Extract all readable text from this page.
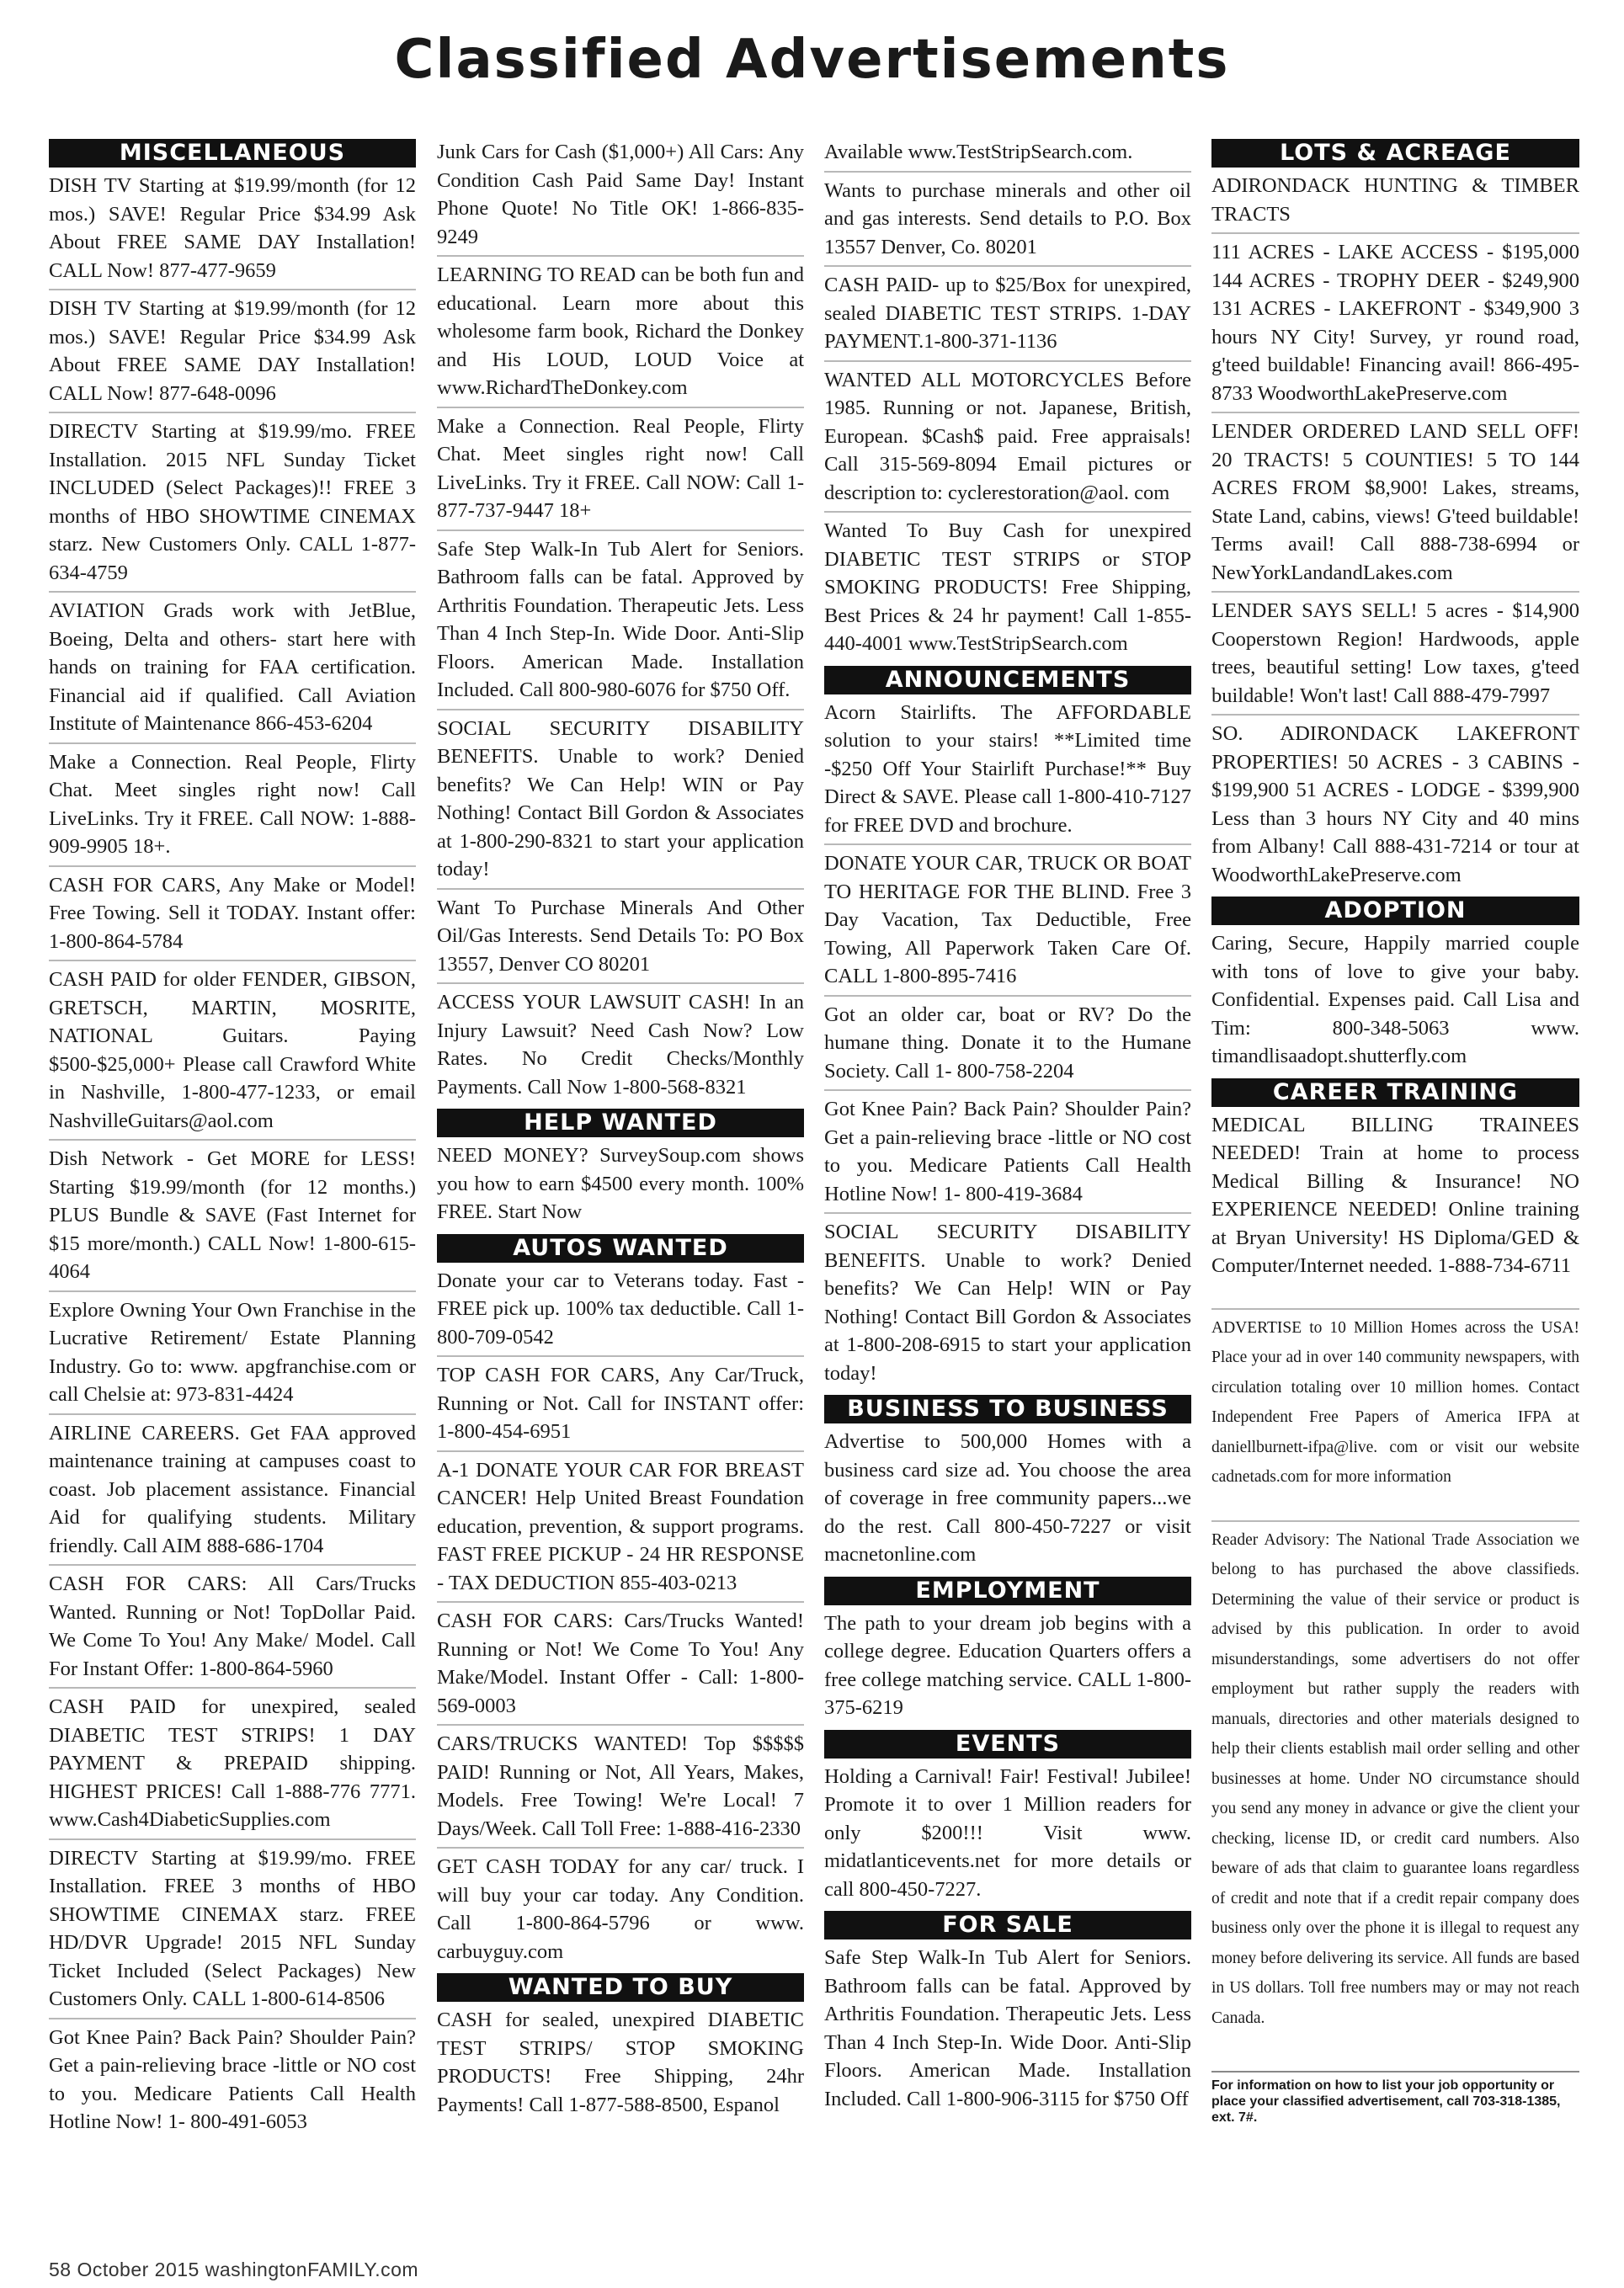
Classified Advertisements
MISCELLANEOUS
DISH TV Starting at $19.99/month (for 12 mos.) SAVE! Regular Price $34.99 Ask About FREE SAME DAY Installation! CALL Now! 877-477-9659
DISH TV Starting at $19.99/month (for 12 mos.) SAVE! Regular Price $34.99 Ask About FREE SAME DAY Installation! CALL Now! 877-648-0096
DIRECTV Starting at $19.99/mo. FREE Installation. 2015 NFL Sunday Ticket INCLUDED (Select Packages)!! FREE 3 months of HBO SHOWTIME CINEMAX starz. New Customers Only. CALL 1-877-634-4759
AVIATION Grads work with JetBlue, Boeing, Delta and others- start here with hands on training for FAA certification. Financial aid if qualified. Call Aviation Institute of Maintenance 866-453-6204
Make a Connection. Real People, Flirty Chat. Meet singles right now! Call LiveLinks. Try it FREE. Call NOW: 1-888-909-9905 18+.
CASH FOR CARS, Any Make or Model! Free Towing. Sell it TODAY. Instant offer: 1-800-864-5784
CASH PAID for older FENDER, GIBSON, GRETSCH, MARTIN, MOSRITE, NATIONAL Guitars. Paying $500-$25,000+ Please call Crawford White in Nashville, 1-800-477-1233, or email NashvilleGuitars@aol.com
Dish Network - Get MORE for LESS! Starting $19.99/month (for 12 months.) PLUS Bundle & SAVE (Fast Internet for $15 more/month.) CALL Now! 1-800-615-4064
Explore Owning Your Own Franchise in the Lucrative Retirement/ Estate Planning Industry. Go to: www. apgfranchise.com or call Chelsie at: 973-831-4424
AIRLINE CAREERS. Get FAA approved maintenance training at campuses coast to coast. Job placement assistance. Financial Aid for qualifying students. Military friendly. Call AIM 888-686-1704
CASH FOR CARS: All Cars/Trucks Wanted. Running or Not! TopDollar Paid. We Come To You! Any Make/ Model. Call For Instant Offer: 1-800-864-5960
CASH PAID for unexpired, sealed DIABETIC TEST STRIPS! 1 DAY PAYMENT & PREPAID shipping. HIGHEST PRICES! Call 1-888-776 7771. www.Cash4DiabeticSupplies.com
DIRECTV Starting at $19.99/mo. FREE Installation. FREE 3 months of HBO SHOWTIME CINEMAX starz. FREE HD/DVR Upgrade! 2015 NFL Sunday Ticket Included (Select Packages) New Customers Only. CALL 1-800-614-8506
Got Knee Pain? Back Pain? Shoulder Pain? Get a pain-relieving brace -little or NO cost to you. Medicare Patients Call Health Hotline Now! 1- 800-491-6053
Junk Cars for Cash ($1,000+) All Cars: Any Condition Cash Paid Same Day! Instant Phone Quote! No Title OK! 1-866-835-9249
LEARNING TO READ can be both fun and educational. Learn more about this wholesome farm book, Richard the Donkey and His LOUD, LOUD Voice at www.RichardTheDonkey.com
Make a Connection. Real People, Flirty Chat. Meet singles right now! Call LiveLinks. Try it FREE. Call NOW: Call 1-877-737-9447 18+
Safe Step Walk-In Tub Alert for Seniors. Bathroom falls can be fatal. Approved by Arthritis Foundation. Therapeutic Jets. Less Than 4 Inch Step-In. Wide Door. Anti-Slip Floors. American Made. Installation Included. Call 800-980-6076 for $750 Off.
SOCIAL SECURITY DISABILITY BENEFITS. Unable to work? Denied benefits? We Can Help! WIN or Pay Nothing! Contact Bill Gordon & Associates at 1-800-290-8321 to start your application today!
Want To Purchase Minerals And Other Oil/Gas Interests. Send Details To: PO Box 13557, Denver CO 80201
ACCESS YOUR LAWSUIT CASH! In an Injury Lawsuit? Need Cash Now? Low Rates. No Credit Checks/Monthly Payments. Call Now 1-800-568-8321
HELP WANTED
NEED MONEY? SurveySoup.com shows you how to earn $4500 every month. 100% FREE. Start Now
AUTOS WANTED
Donate your car to Veterans today. Fast - FREE pick up. 100% tax deductible. Call 1-800-709-0542
TOP CASH FOR CARS, Any Car/Truck, Running or Not. Call for INSTANT offer: 1-800-454-6951
A-1 DONATE YOUR CAR FOR BREAST CANCER! Help United Breast Foundation education, prevention, & support programs. FAST FREE PICKUP - 24 HR RESPONSE - TAX DEDUCTION 855-403-0213
CASH FOR CARS: Cars/Trucks Wanted! Running or Not! We Come To You! Any Make/Model. Instant Offer - Call: 1-800-569-0003
CARS/TRUCKS WANTED! Top $$$$$ PAID! Running or Not, All Years, Makes, Models. Free Towing! We're Local! 7 Days/Week. Call Toll Free: 1-888-416-2330
GET CASH TODAY for any car/ truck. I will buy your car today. Any Condition. Call 1-800-864-5796 or www. carbuyguy.com
WANTED TO BUY
CASH for sealed, unexpired DIABETIC TEST STRIPS/ STOP SMOKING PRODUCTS! Free Shipping, 24hr Payments! Call 1-877-588-8500, Espanol
Available www.TestStripSearch.com.
Wants to purchase minerals and other oil and gas interests. Send details to P.O. Box 13557 Denver, Co. 80201
CASH PAID- up to $25/Box for unexpired, sealed DIABETIC TEST STRIPS. 1-DAY PAYMENT.1-800-371-1136
WANTED ALL MOTORCYCLES Before 1985. Running or not. Japanese, British, European. $Cash$ paid. Free appraisals! Call 315-569-8094 Email pictures or description to: cyclerestoration@aol. com
Wanted To Buy Cash for unexpired DIABETIC TEST STRIPS or STOP SMOKING PRODUCTS! Free Shipping, Best Prices & 24 hr payment! Call 1-855-440-4001 www.TestStripSearch.com
ANNOUNCEMENTS
Acorn Stairlifts. The AFFORDABLE solution to your stairs! **Limited time -$250 Off Your Stairlift Purchase!** Buy Direct & SAVE. Please call 1-800-410-7127 for FREE DVD and brochure.
DONATE YOUR CAR, TRUCK OR BOAT TO HERITAGE FOR THE BLIND. Free 3 Day Vacation, Tax Deductible, Free Towing, All Paperwork Taken Care Of. CALL 1-800-895-7416
Got an older car, boat or RV? Do the humane thing. Donate it to the Humane Society. Call 1- 800-758-2204
Got Knee Pain? Back Pain? Shoulder Pain? Get a pain-relieving brace -little or NO cost to you. Medicare Patients Call Health Hotline Now! 1- 800-419-3684
SOCIAL SECURITY DISABILITY BENEFITS. Unable to work? Denied benefits? We Can Help! WIN or Pay Nothing! Contact Bill Gordon & Associates at 1-800-208-6915 to start your application today!
BUSINESS TO BUSINESS
Advertise to 500,000 Homes with a business card size ad. You choose the area of coverage in free community papers...we do the rest. Call 800-450-7227 or visit macnetonline.com
EMPLOYMENT
The path to your dream job begins with a college degree. Education Quarters offers a free college matching service. CALL 1-800-375-6219
EVENTS
Holding a Carnival! Fair! Festival! Jubilee! Promote it to over 1 Million readers for only $200!!! Visit www. midatlanticevents.net for more details or call 800-450-7227.
FOR SALE
Safe Step Walk-In Tub Alert for Seniors. Bathroom falls can be fatal. Approved by Arthritis Foundation. Therapeutic Jets. Less Than 4 Inch Step-In. Wide Door. Anti-Slip Floors. American Made. Installation Included. Call 1-800-906-3115 for $750 Off
LOTS & ACREAGE
ADIRONDACK HUNTING & TIMBER TRACTS
111 ACRES - LAKE ACCESS - $195,000 144 ACRES - TROPHY DEER - $249,900 131 ACRES - LAKEFRONT - $349,900 3 hours NY City! Survey, yr round road, g'teed buildable! Financing avail! 866-495-8733 WoodworthLakePreserve.com
LENDER ORDERED LAND SELL OFF! 20 TRACTS! 5 COUNTIES! 5 TO 144 ACRES FROM $8,900! Lakes, streams, State Land, cabins, views! G'teed buildable! Terms avail! Call 888-738-6994 or NewYorkLandandLakes.com
LENDER SAYS SELL! 5 acres - $14,900 Cooperstown Region! Hardwoods, apple trees, beautiful setting! Low taxes, g'teed buildable! Won't last! Call 888-479-7997
SO. ADIRONDACK LAKEFRONT PROPERTIES! 50 ACRES - 3 CABINS - $199,900 51 ACRES - LODGE - $399,900 Less than 3 hours NY City and 40 mins from Albany! Call 888-431-7214 or tour at WoodworthLakePreserve.com
ADOPTION
Caring, Secure, Happily married couple with tons of love to give your baby. Confidential. Expenses paid. Call Lisa and Tim: 800-348-5063 www. timandlisaadopt.shutterfly.com
CAREER TRAINING
MEDICAL BILLING TRAINEES NEEDED! Train at home to process Medical Billing & Insurance! NO EXPERIENCE NEEDED! Online training at Bryan University! HS Diploma/GED & Computer/Internet needed. 1-888-734-6711
ADVERTISE to 10 Million Homes across the USA! Place your ad in over 140 community newspapers, with circulation totaling over 10 million homes. Contact Independent Free Papers of America IFPA at daniellburnett-ifpa@live. com or visit our website cadnetads.com for more information
Reader Advisory: The National Trade Association we belong to has purchased the above classifieds. Determining the value of their service or product is advised by this publication. In order to avoid misunderstandings, some advertisers do not offer employment but rather supply the readers with manuals, directories and other materials designed to help their clients establish mail order selling and other businesses at home. Under NO circumstance should you send any money in advance or give the client your checking, license ID, or credit card numbers. Also beware of ads that claim to guarantee loans regardless of credit and note that if a credit repair company does business only over the phone it is illegal to request any money before delivering its service. All funds are based in US dollars. Toll free numbers may or may not reach Canada.
For information on how to list your job opportunity or place your classified advertisement, call 703-318-1385, ext. 7#.
58 October 2015 washingtonFAMILY.com
